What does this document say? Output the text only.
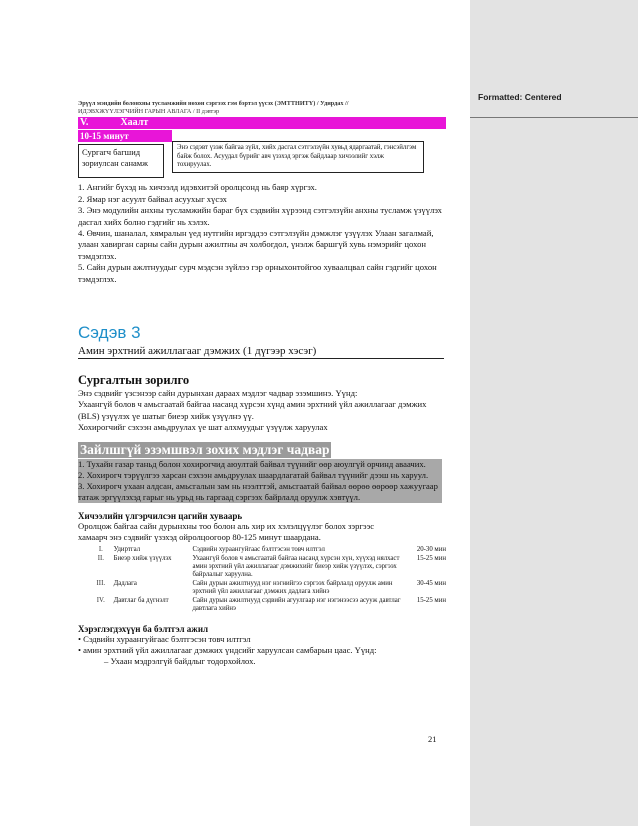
Formatted: Centered
Эрүүл мэндийн болонхны тусламжийн нөхөн сэргээх гэм бэртэл үүсэх (ЭМТТНИТҮ) / Удирдах //
ИДЭВХЖҮҮЛЭГЧИЙН ГАРЫН АВЛАГА / II дэвтэр
V.	Хаалт
10-15 минут
Сургагч багшид зориулсан санамж
Энэ сэдэвт үзэж байгаа зүйл, хийх дасгал сэтгэлзүйн хувьд ядаргаатай, гэнсэйлгэм байж болох. Асуудал бүрийг авч үзэхэд эргэж байдлаар хичээлийг хэлж тохируулах.

1. Ангийг бүхэд нь хичээлд идэвхитэй оролцсонд нь баяр хүргэх.

2. Ямар нэг асуулт байвал асуухыг хүсэх

3. Энэ модулийн анхны тусламжийн бараг бүх сэдвийн хүрээнд сэтгэлзүйн анхны тусламж үзүүлэх дасгал хийх болно гэдгийг нь хэлэх.

4. Өвчин, шаналал, хямралын үед нутгийн иргэддээ сэтгэлзүйн дэмжлэг үзүүлэх Улаан загалмай, улаан хавирган сарны сайн дурын ажилтны ач холбогдол, үнэлж баршгүй хувь нэмэрийг цохон тэмдэглэх.

5. Сайн дурын ажлтнуудыг сурч мэдсэн зүйлээ гэр орныхонтойгоо хуваалцвал сайн гэдгийг цохон тэмдэглэх.

Сэдэв 3
Амин эрхтний ажиллагааг дэмжих (1 дүгээр хэсэг)
Сургалтын зорилго

Энэ сэдвийг үзсэнээр сайн дурынхан дараах мэдлэг чадвар эзэмшинэ. Үүнд:

Ухаангүй болов ч амьсгаатай байгаа насанд хүрсэн хүнд амин эрхтний үйл ажиллагааг дэмжих (BLS) үзүүлэх үе шатыг биеэр хийж үзүүлнэ үү.

Хохирогчийг сэхээн амьдруулах үе шат алхмуудыг үзүүлж харуулах

Зайлшгүй эзэмшвэл зохих мэдлэг чадвар

1. Тухайн газар таньд болон хохирогчид аюултай байвал түүнийг өөр аюулгүй орчинд аваачих.

2. Хохирогч тэрүүлгээ харсан сэхээн амьдруулах шаардлагатай байвал түүнийг дээш нь харуул.

3. Хохирогч ухаан алдсан, амьсгалын зам нь нээлттэй, амьсгаатай байвал өөрөө өөрөөр хажуугаар татаж эргүүлэхэд гарыг нь урьд нь гаргаад сэргээх байрлалд оруулж хэвтүүл.

Хичээлийн үлгэрчилсэн цагийн хуваарь

Оролцож байгаа сайн дурынхны тоо болон аль хир их хэлэлцүүлэг болох зэргээс

хамаарч энэ сэдвийг үзэхэд ойролцоогоор 80-125 минут шаардана.

I.	Удиртгал	Сэдвийн хураангуйгаас бэлтгэсэн товч илтгэл	20-30 мин
II.	Биеэр хийж үзүүлэх	Ухаангүй болов ч амьсгаатай байгаа насанд хүрсэн хүн, хүүхэд нялхаст амин эрхтний үйл ажиллагааг дэмжихийг биеэр хийж үзүүлэх, сэргээх байрлалыг харуулна.	15-25 мин
III.	Дадлага	Сайн дурын ажилтнууд нэг нэгнийгээ сэргээх байрлалд оруулж амин эрхтний үйл ажиллагааг дэмжих дадлага хийнэ	30-45 мин
IV.	Давтлаг ба дүгнэлт	Сайн дурын ажилтнууд сэдвийн агуулгаар нэг нэгэнээсээ асууж давтлаг давтлага хийнэ	15-25 мин
Хэрэглэгдэхүүн ба бэлтгэл ажил

• Сэдвийн хураангуйгаас бэлтгэсэн товч илтгэл

• амин эрхтний үйл ажиллагааг дэмжих үндсийг харуулсан самбарын цаас. Үүнд:

– Ухаан мэдрэлгүй байдлыг тодорхойлох.

21
